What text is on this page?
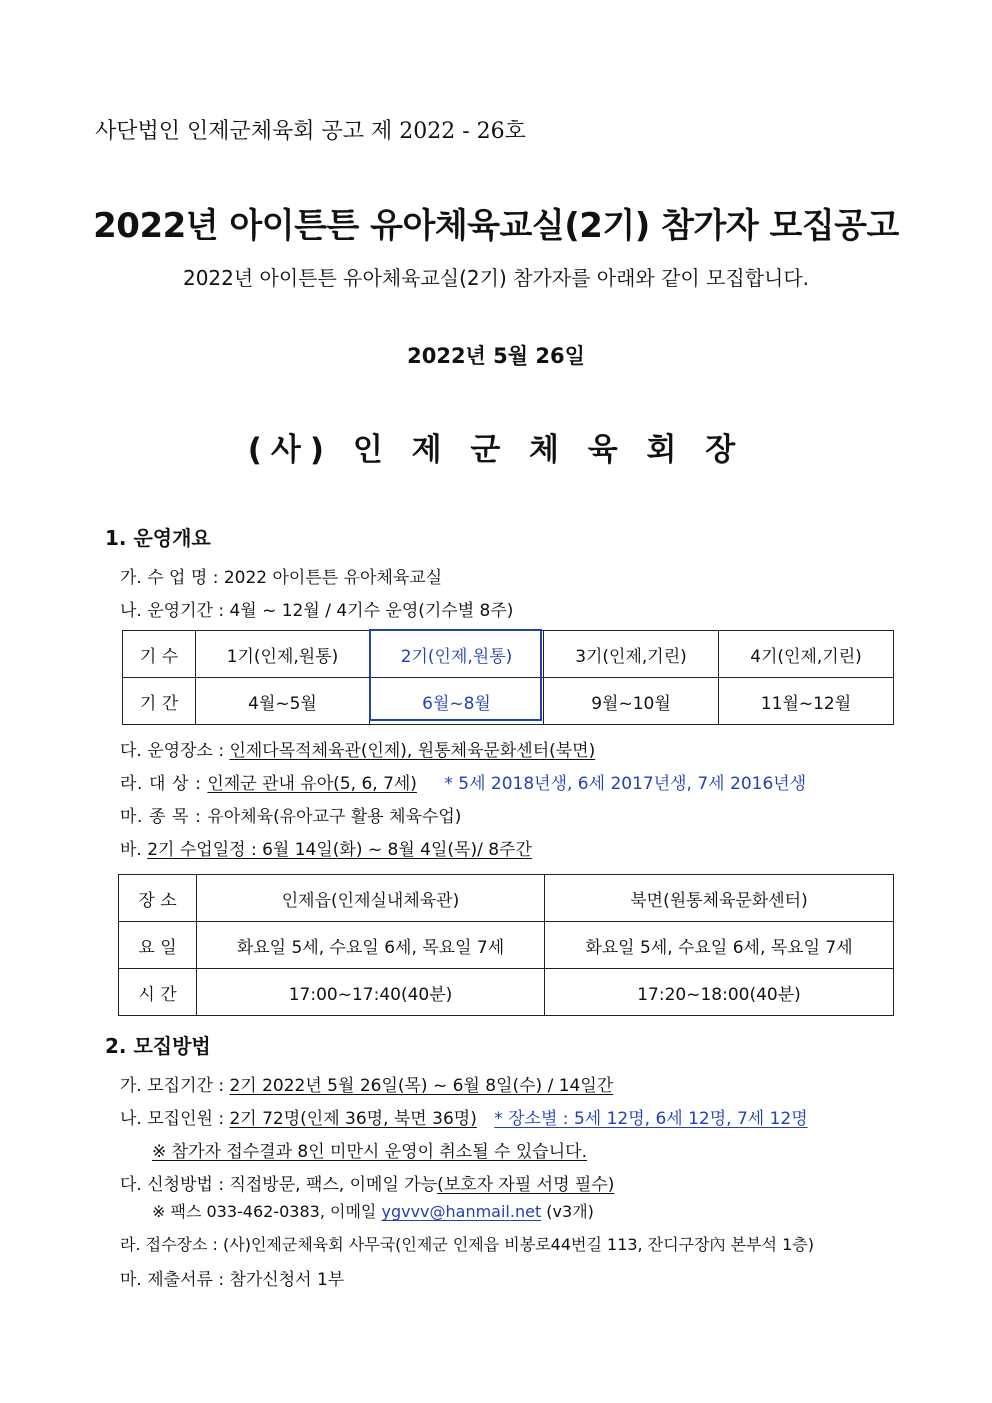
사단법인 인제군체육회 공고 제 2022 - 26호
2022년 아이튼튼 유아체육교실(2기) 참가자 모집공고
2022년 아이튼튼 유아체육교실(2기) 참가자를 아래와 같이 모집합니다.
2022년 5월 26일
(사) 인 제 군 체 육 회 장
1. 운영개요
가. 수 업 명 : 2022 아이튼튼 유아체육교실
나. 운영기간 : 4월 ~ 12월 / 4기수 운영(기수별 8주)
기 수	1기(인제,원통)	2기(인제,원통)	3기(인제,기린)	4기(인제,기린)
기 간	4월~5월	6월~8월	9월~10월	11월~12월
다. 운영장소 : 인제다목적체육관(인제), 원통체육문화센터(북면)
라. 대 상 : 인제군 관내 유아(5, 6, 7세) * 5세 2018년생, 6세 2017년생, 7세 2016년생
마. 종 목 : 유아체육(유아교구 활용 체육수업)
바. 2기 수업일정 : 6월 14일(화) ~ 8월 4일(목)/ 8주간
장 소	인제읍(인제실내체육관)	북면(원통체육문화센터)
요 일	화요일 5세, 수요일 6세, 목요일 7세	화요일 5세, 수요일 6세, 목요일 7세
시 간	17:00~17:40(40분)	17:20~18:00(40분)
2. 모집방법
가. 모집기간 : 2기 2022년 5월 26일(목) ~ 6월 8일(수) / 14일간
나. 모집인원 : 2기 72명(인제 36명, 북면 36명) * 장소별 : 5세 12명, 6세 12명, 7세 12명
※ 참가자 접수결과 8인 미만시 운영이 취소될 수 있습니다.
다. 신청방법 : 직접방문, 팩스, 이메일 가능(보호자 자필 서명 필수)
※ 팩스 033-462-0383, 이메일 ygvvv@hanmail.net (v3개)
라. 접수장소 : (사)인제군체육회 사무국(인제군 인제읍 비봉로44번길 113, 잔디구장內 본부석 1층)
마. 제출서류 : 참가신청서 1부
